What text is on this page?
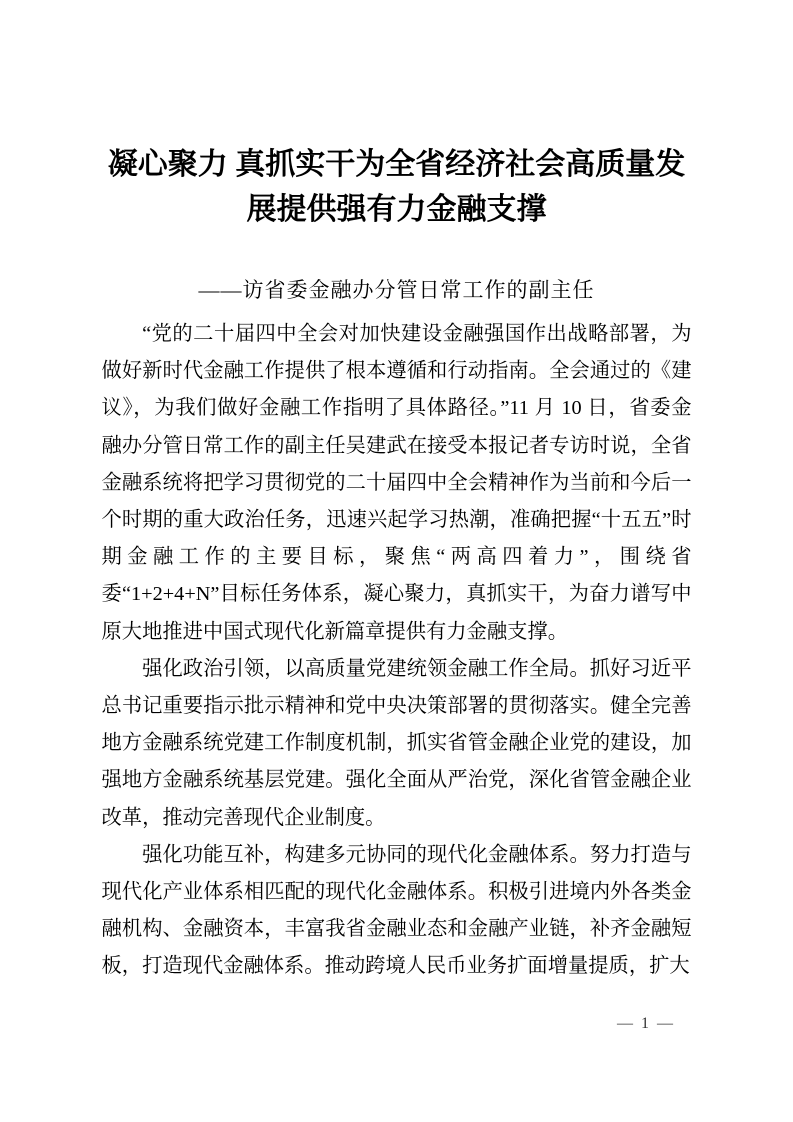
凝心聚力 真抓实干为全省经济社会高质量发展提供强有力金融支撑
——访省委金融办分管日常工作的副主任

“党的二十届四中全会对加快建设金融强国作出战略部署，为做好新时代金融工作提供了根本遵循和行动指南。全会通过的《建议》，为我们做好金融工作指明了具体路径。”11 月 10 日，省委金融办分管日常工作的副主任吴建武在接受本报记者专访时说，全省金融系统将把学习贯彻党的二十届四中全会精神作为当前和今后一个时期的重大政治任务，迅速兴起学习热潮，准确把握“十五五”时期金融工作的主要目标，聚焦“两高四着力”，围绕省委“1+2+4+N”目标任务体系，凝心聚力，真抓实干，为奋力谱写中原大地推进中国式现代化新篇章提供有力金融支撑。

强化政治引领，以高质量党建统领金融工作全局。抓好习近平总书记重要指示批示精神和党中央决策部署的贯彻落实。健全完善地方金融系统党建工作制度机制，抓实省管金融企业党的建设，加强地方金融系统基层党建。强化全面从严治党，深化省管金融企业改革，推动完善现代企业制度。

强化功能互补，构建多元协同的现代化金融体系。努力打造与现代化产业体系相匹配的现代化金融体系。积极引进境内外各类金融机构、金融资本，丰富我省金融业态和金融产业链，补齐金融短板，打造现代金融体系。推动跨境人民币业务扩面增量提质，扩大

— 1 —
